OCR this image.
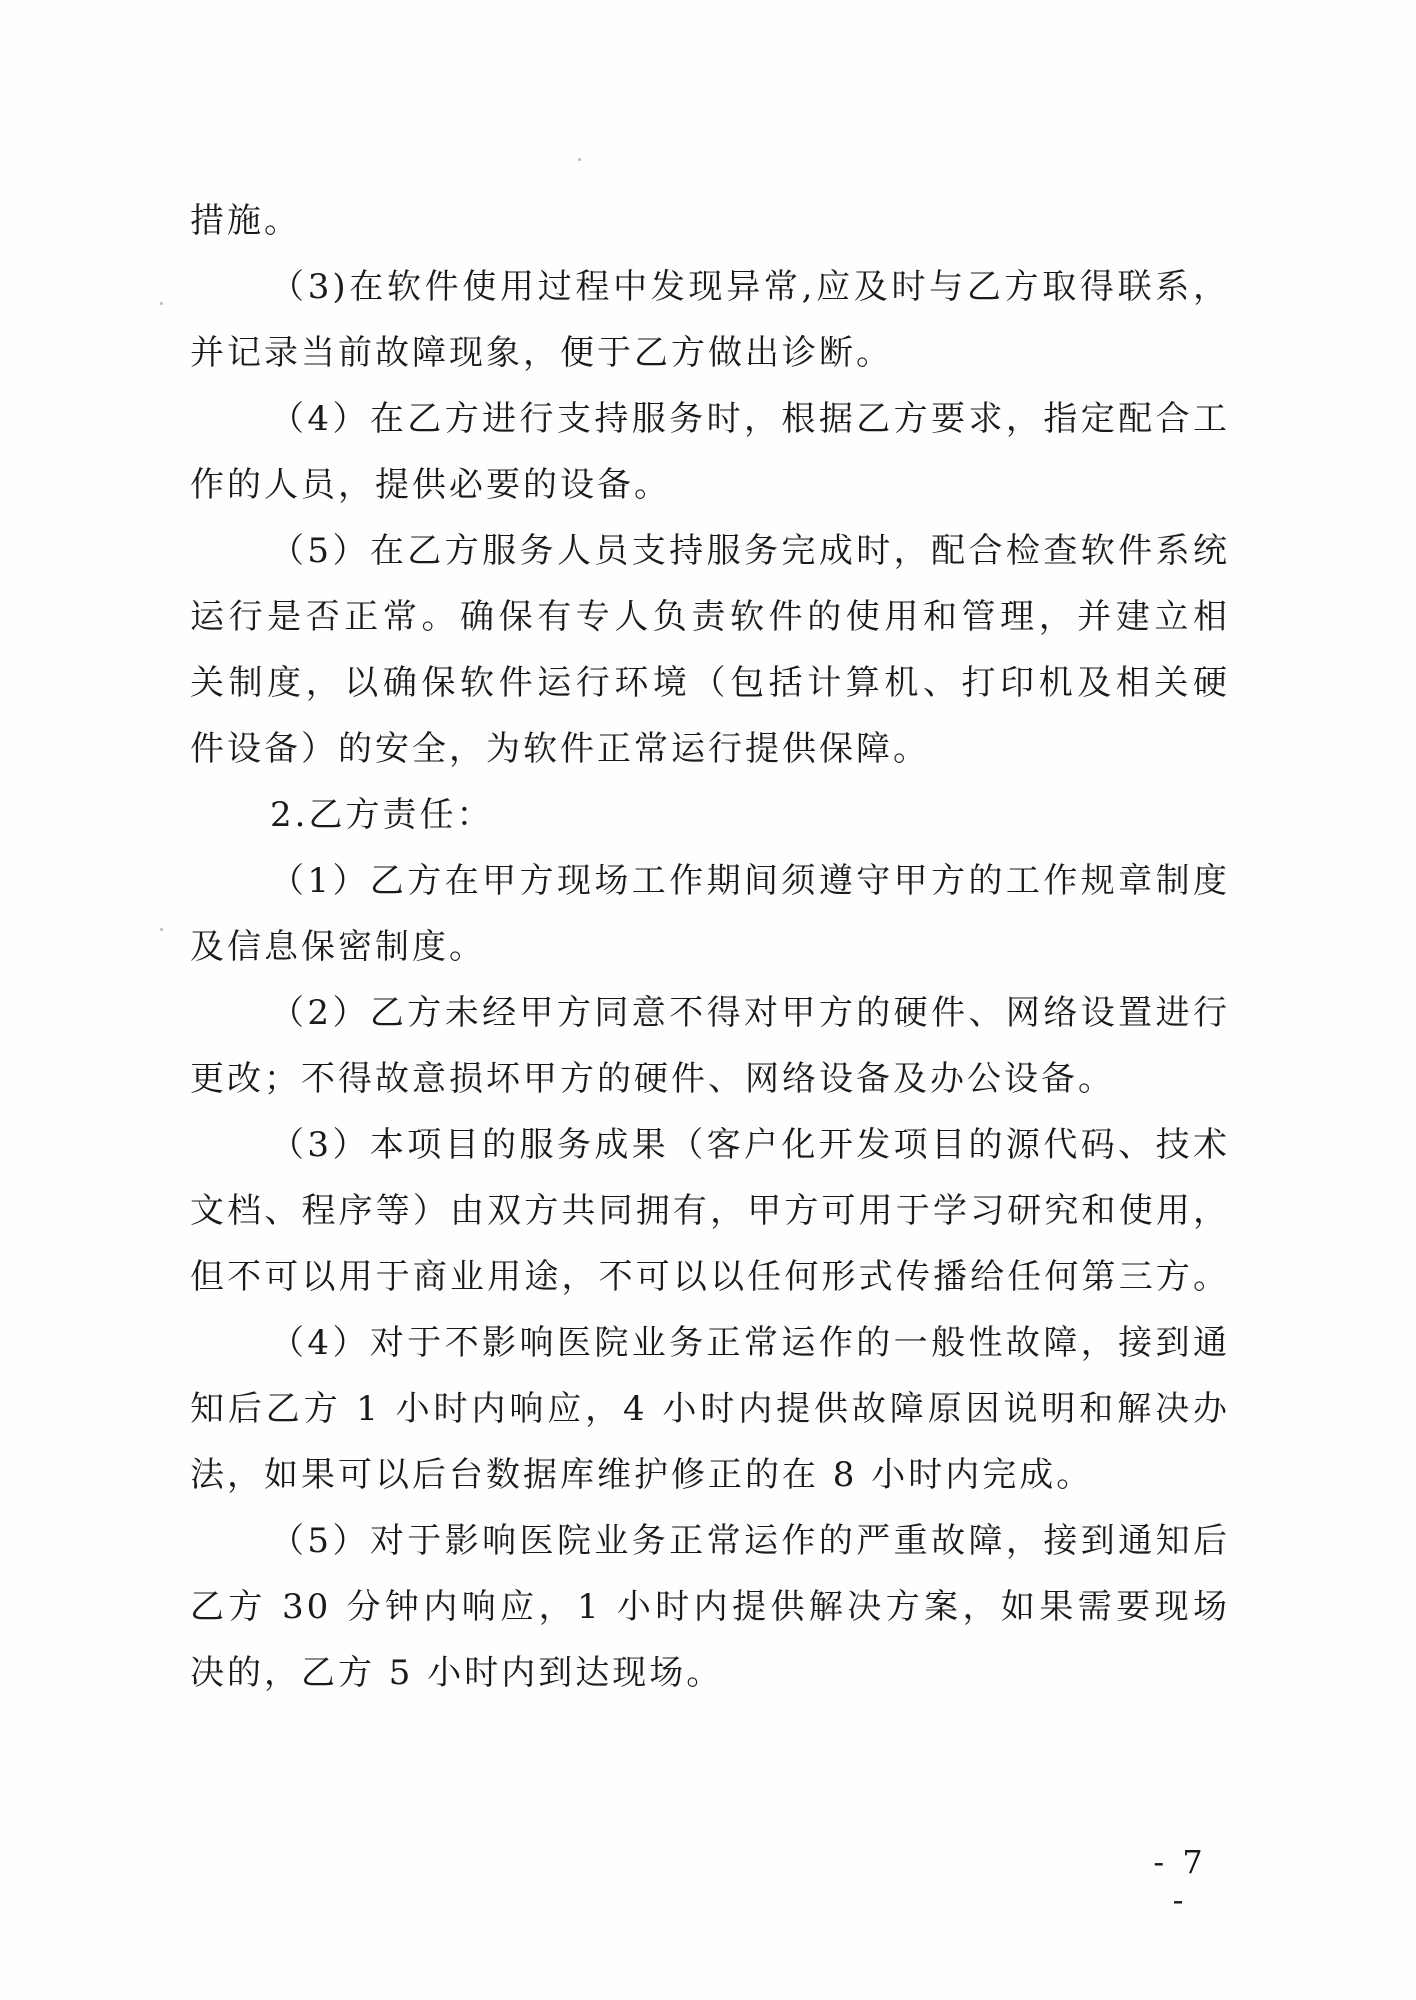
措施。
（3)在软件使用过程中发现异常,应及时与乙方取得联系，
并记录当前故障现象，便于乙方做出诊断。
（4）在乙方进行支持服务时，根据乙方要求，指定配合工
作的人员，提供必要的设备。
（5）在乙方服务人员支持服务完成时，配合检查软件系统
运行是否正常。确保有专人负责软件的使用和管理，并建立相
关制度，以确保软件运行环境（包括计算机、打印机及相关硬
件设备）的安全，为软件正常运行提供保障。
2.乙方责任：
（1）乙方在甲方现场工作期间须遵守甲方的工作规章制度
及信息保密制度。
（2）乙方未经甲方同意不得对甲方的硬件、网络设置进行
更改；不得故意损坏甲方的硬件、网络设备及办公设备。
（3）本项目的服务成果（客户化开发项目的源代码、技术
文档、程序等）由双方共同拥有，甲方可用于学习研究和使用，
但不可以用于商业用途，不可以以任何形式传播给任何第三方。
（4）对于不影响医院业务正常运作的一般性故障，接到通
知后乙方 1 小时内响应，4 小时内提供故障原因说明和解决办
法，如果可以后台数据库维护修正的在 8 小时内完成。
（5）对于影响医院业务正常运作的严重故障，接到通知后
乙方 30 分钟内响应，1 小时内提供解决方案，如果需要现场
决的，乙方 5 小时内到达现场。
- 7 -
